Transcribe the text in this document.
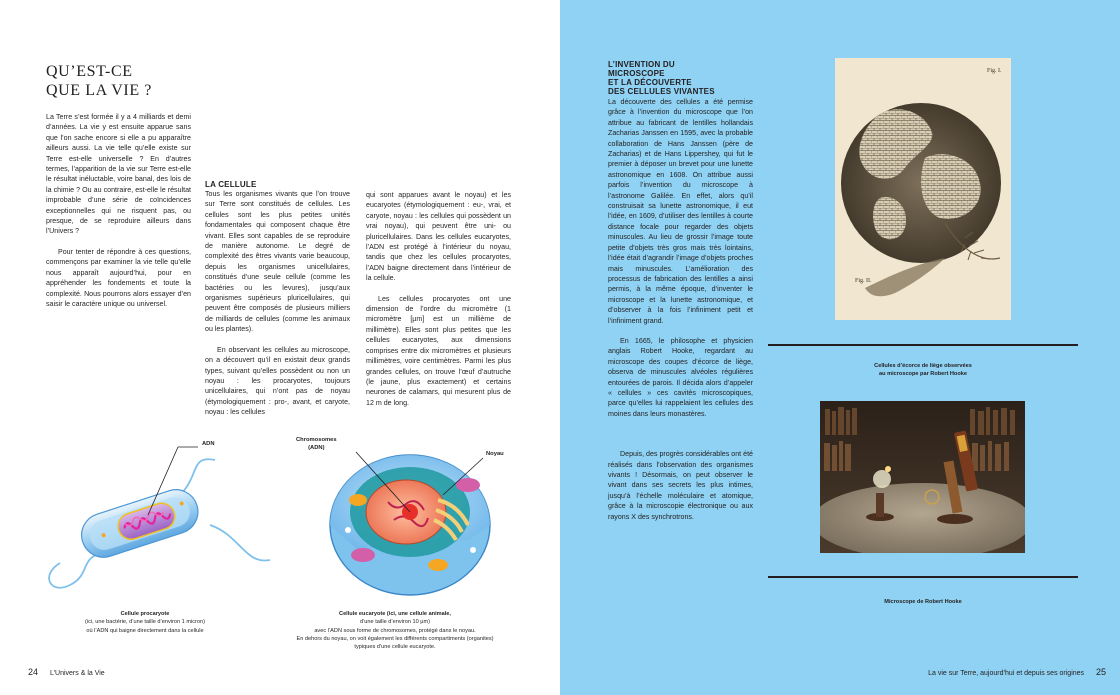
QU’EST-CE
QUE LA VIE ?

La Terre s’est formée il y a 4 milliards et demi d’années. La vie y est ensuite apparue sans que l’on sache encore si elle a pu apparaître ailleurs aussi. La vie telle qu’elle existe sur Terre est-elle universelle ? En d’autres termes, l’apparition de la vie sur Terre est-elle le résultat inéluctable, voire banal, des lois de la chimie ? Ou au contraire, est-elle le résultat improbable d’une série de coïncidences exceptionnelles qui ne risquent pas, ou presque, de se reproduire ailleurs dans l’Univers ?

Pour tenter de répondre à ces questions, commençons par examiner la vie telle qu’elle nous apparaît aujourd’hui, pour en appréhender les fondements et toute la complexité. Nous pourrons alors essayer d’en saisir le caractère unique ou universel.

LA CELLULE

Tous les organismes vivants que l’on trouve sur Terre sont constitués de cellules. Les cellules sont les plus petites unités fondamentales qui composent chaque être vivant. Elles sont capables de se reproduire de manière autonome. Le degré de complexité des êtres vivants varie beaucoup, depuis les organismes unicellulaires, constitués d’une seule cellule (comme les bactéries ou les levures), jusqu’aux organismes supérieurs pluricellulaires, qui peuvent être composés de plusieurs milliers de milliards de cellules (comme les animaux ou les plantes).

En observant les cellules au microscope, on a découvert qu’il en existait deux grands types, suivant qu’elles possèdent ou non un noyau : les procaryotes, toujours unicellulaires, qui n’ont pas de noyau (étymologiquement : pro-, avant, et caryote, noyau : les cellules

qui sont apparues avant le noyau) et les eucaryotes (étymologiquement : eu-, vrai, et caryote, noyau : les cellules qui possèdent un vrai noyau), qui peuvent être uni- ou pluricellulaires. Dans les cellules eucaryotes, l’ADN est protégé à l’intérieur du noyau, tandis que chez les cellules procaryotes, l’ADN baigne directement dans l’intérieur de la cellule.

Les cellules procaryotes ont une dimension de l’ordre du micromètre (1 micromètre [µm] est un millième de millimètre). Elles sont plus petites que les cellules eucaryotes, aux dimensions comprises entre dix micromètres et plusieurs millimètres, voire centimètres. Parmi les plus grandes cellules, on trouve l’œuf d’autruche (le jaune, plus exactement) et certains neurones de calamars, qui mesurent plus de 12 m de long.

ADN
Chromosomes
(ADN)
Noyau
Cellule procaryote
(ici, une bactérie, d’une taille d’environ 1 micron)
où l’ADN qui baigne directement dans la cellule
Cellule eucaryote (ici, une cellule animale,
d’une taille d’environ 10 µm)
avec l’ADN sous forme de chromosomes, protégé dans le noyau.
En dehors du noyau, on voit également les différents compartiments (organites)
typiques d’une cellule eucaryote.
24 L’Univers & la Vie
L’INVENTION DU
MICROSCOPE
ET LA DÉCOUVERTE
DES CELLULES VIVANTES

La découverte des cellules a été permise grâce à l’invention du microscope que l’on attribue au fabricant de lentilles hollandais Zacharias Janssen en 1595, avec la probable collaboration de Hans Janssen (père de Zacharias) et de Hans Lippershey, qui fut le premier à déposer un brevet pour une lunette astronomique en 1608. On attribue aussi parfois l’invention du microscope à l’astronome Galilée. En effet, alors qu’il construisait sa lunette astronomique, il eut l’idée, en 1609, d’utiliser des lentilles à courte distance focale pour regarder des objets minuscules. Au lieu de grossir l’image toute petite d’objets très gros mais très lointains, l’idée était d’agrandir l’image d’objets proches mais minuscules. L’amélioration des processus de fabrication des lentilles a ainsi permis, à la même époque, d’inventer le microscope et la lunette astronomique, et d’observer à la fois l’infiniment petit et l’infiniment grand.

En 1665, le philosophe et physicien anglais Robert Hooke, regardant au microscope des coupes d’écorce de liège, observa de minuscules alvéoles régulières entourées de parois. Il décida alors d’appeler « cellules » ces cavités microscopiques, parce qu’elles lui rappelaient les cellules des moines dans leurs monastères.

Depuis, des progrès considérables ont été réalisés dans l’observation des organismes vivants ! Désormais, on peut observer le vivant dans ses secrets les plus intimes, jusqu’à l’échelle moléculaire et atomique, grâce à la microscopie électronique ou aux rayons X des synchrotrons.

Fig. I.
Fig. II.
Cellules d’écorce de liège observées
au microscope par Robert Hooke
Microscope de Robert Hooke
La vie sur Terre, aujourd’hui et depuis ses origines 25
